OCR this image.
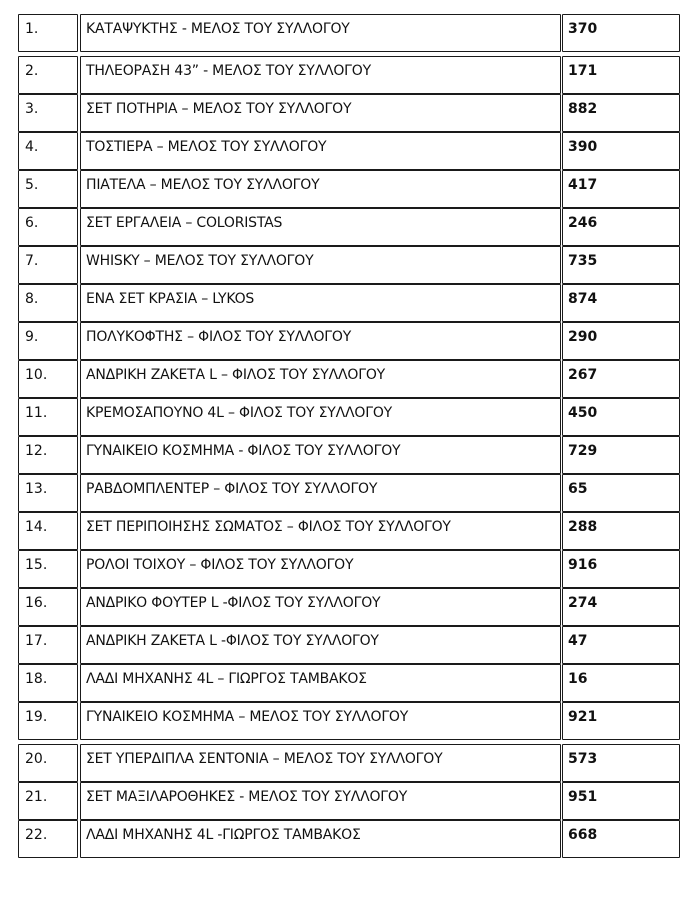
1.	ΚΑΤΑΨΥΚΤΗΣ - ΜΕΛΟΣ ΤΟΥ ΣΥΛΛΟΓΟΥ	370
2.	ΤΗΛΕΟΡΑΣΗ 43” - ΜΕΛΟΣ ΤΟΥ ΣΥΛΛΟΓΟΥ	171
3.	ΣΕΤ ΠΟΤΗΡΙΑ – ΜΕΛΟΣ ΤΟΥ ΣΥΛΛΟΓΟΥ	882
4.	ΤΟΣΤΙΕΡΑ – ΜΕΛΟΣ ΤΟΥ ΣΥΛΛΟΓΟΥ	390
5.	ΠΙΑΤΕΛΑ – ΜΕΛΟΣ ΤΟΥ ΣΥΛΛΟΓΟΥ	417
6.	ΣΕΤ ΕΡΓΑΛΕΙΑ – COLORISTAS	246
7.	WHISKY – ΜΕΛΟΣ ΤΟΥ ΣΥΛΛΟΓΟΥ	735
8.	ΕΝΑ ΣΕΤ ΚΡΑΣΙΑ – LYKOS	874
9.	ΠΟΛΥΚΟΦΤΗΣ – ΦΙΛΟΣ ΤΟΥ ΣΥΛΛΟΓΟΥ	290
10.	ΑΝΔΡΙΚΗ ΖΑΚΕΤΑ L – ΦΙΛΟΣ ΤΟΥ ΣΥΛΛΟΓΟΥ	267
11.	ΚΡΕΜΟΣΑΠΟΥΝΟ 4L – ΦΙΛΟΣ ΤΟΥ ΣΥΛΛΟΓΟΥ	450
12.	ΓΥΝΑΙΚΕΙΟ ΚΟΣΜΗΜΑ - ΦΙΛΟΣ ΤΟΥ ΣΥΛΛΟΓΟΥ	729
13.	ΡΑΒΔΟΜΠΛΕΝΤΕΡ – ΦΙΛΟΣ ΤΟΥ ΣΥΛΛΟΓΟΥ	65
14.	ΣΕΤ ΠΕΡΙΠΟΙΗΣΗΣ ΣΩΜΑΤΟΣ – ΦΙΛΟΣ ΤΟΥ ΣΥΛΛΟΓΟΥ	288
15.	ΡΟΛΟΙ ΤΟΙΧΟΥ – ΦΙΛΟΣ ΤΟΥ ΣΥΛΛΟΓΟΥ	916
16.	ΑΝΔΡΙΚΟ ΦΟΥΤΕΡ L -ΦΙΛΟΣ ΤΟΥ ΣΥΛΛΟΓΟΥ	274
17.	ΑΝΔΡΙΚΗ ΖΑΚΕΤΑ L -ΦΙΛΟΣ ΤΟΥ ΣΥΛΛΟΓΟΥ	47
18.	ΛΑΔΙ ΜΗΧΑΝΗΣ 4L – ΓΙΩΡΓΟΣ ΤΑΜΒΑΚΟΣ	16
19.	ΓΥΝΑΙΚΕΙΟ ΚΟΣΜΗΜΑ – ΜΕΛΟΣ ΤΟΥ ΣΥΛΛΟΓΟΥ	921
20.	ΣΕΤ ΥΠΕΡΔΙΠΛΑ ΣΕΝΤΟΝΙΑ – ΜΕΛΟΣ ΤΟΥ ΣΥΛΛΟΓΟΥ	573
21.	ΣΕΤ ΜΑΞΙΛΑΡΟΘΗΚΕΣ - ΜΕΛΟΣ ΤΟΥ ΣΥΛΛΟΓΟΥ	951
22.	ΛΑΔΙ ΜΗΧΑΝΗΣ 4L -ΓΙΩΡΓΟΣ ΤΑΜΒΑΚΟΣ	668
